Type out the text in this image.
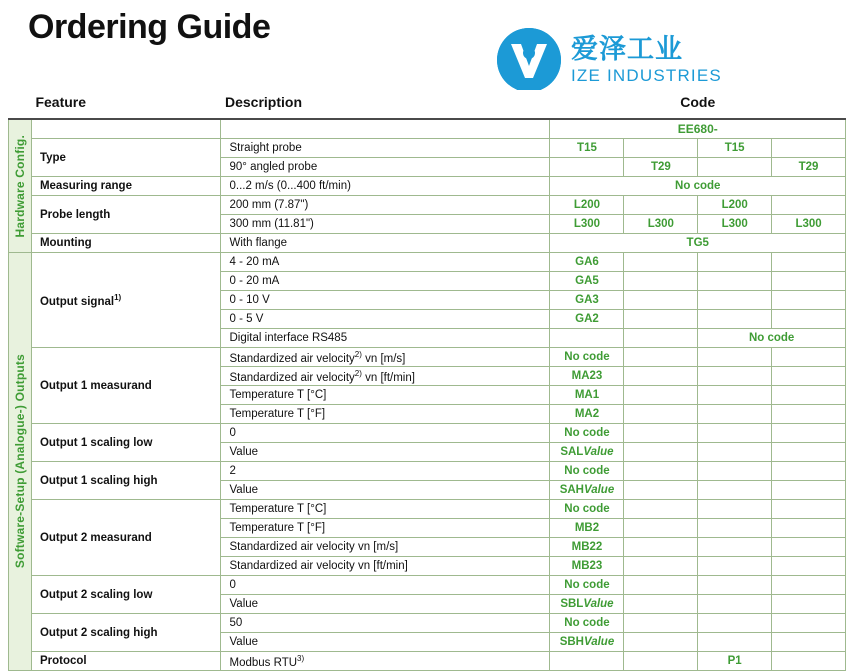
Ordering Guide
爱泽工业
IZE INDUSTRIES
	Feature	Description	Code			

Hardware Config.			EE680-			
	Type	Straight probe	T15		T15	
		90° angled probe		T29		T29
	Measuring range	0...2 m/s (0...400 ft/min)	No code			
	Probe length	200 mm (7.87")	L200		L200	
		300 mm (11.81")	L300	L300	L300	L300
	Mounting	With flange	TG5			

Software-Setup (Analogue-) Outputs	Output signal$^{1)}$	4 - 20 mA	GA6			
		0 - 20 mA	GA5			
		0 - 10 V	GA3			
		0 - 5 V	GA2			
		Digital interface RS485			No code	
	Output 1 measurand	Standardized air velocity$^{2)}$ vn [m/s]	No code			
		Standardized air velocity$^{2)}$ vn [ft/min]	MA23			
		Temperature T [°C]	MA1			
		Temperature T [°F]	MA2			
	Output 1 scaling low	0	No code			
		Value	SALValue			
	Output 1 scaling high	2	No code			
		Value	SAHValue			
	Output 2 measurand	Temperature T [°C]	No code			
		Temperature T [°F]	MB2			
		Standardized air velocity vn [m/s]	MB22			
		Standardized air velocity vn [ft/min]	MB23			
	Output 2 scaling low	0	No code			
		Value	SBLValue			
	Output 2 scaling high	50	No code			
		Value	SBHValue			
	Protocol	Modbus RTU$^{3)}$			P1	
